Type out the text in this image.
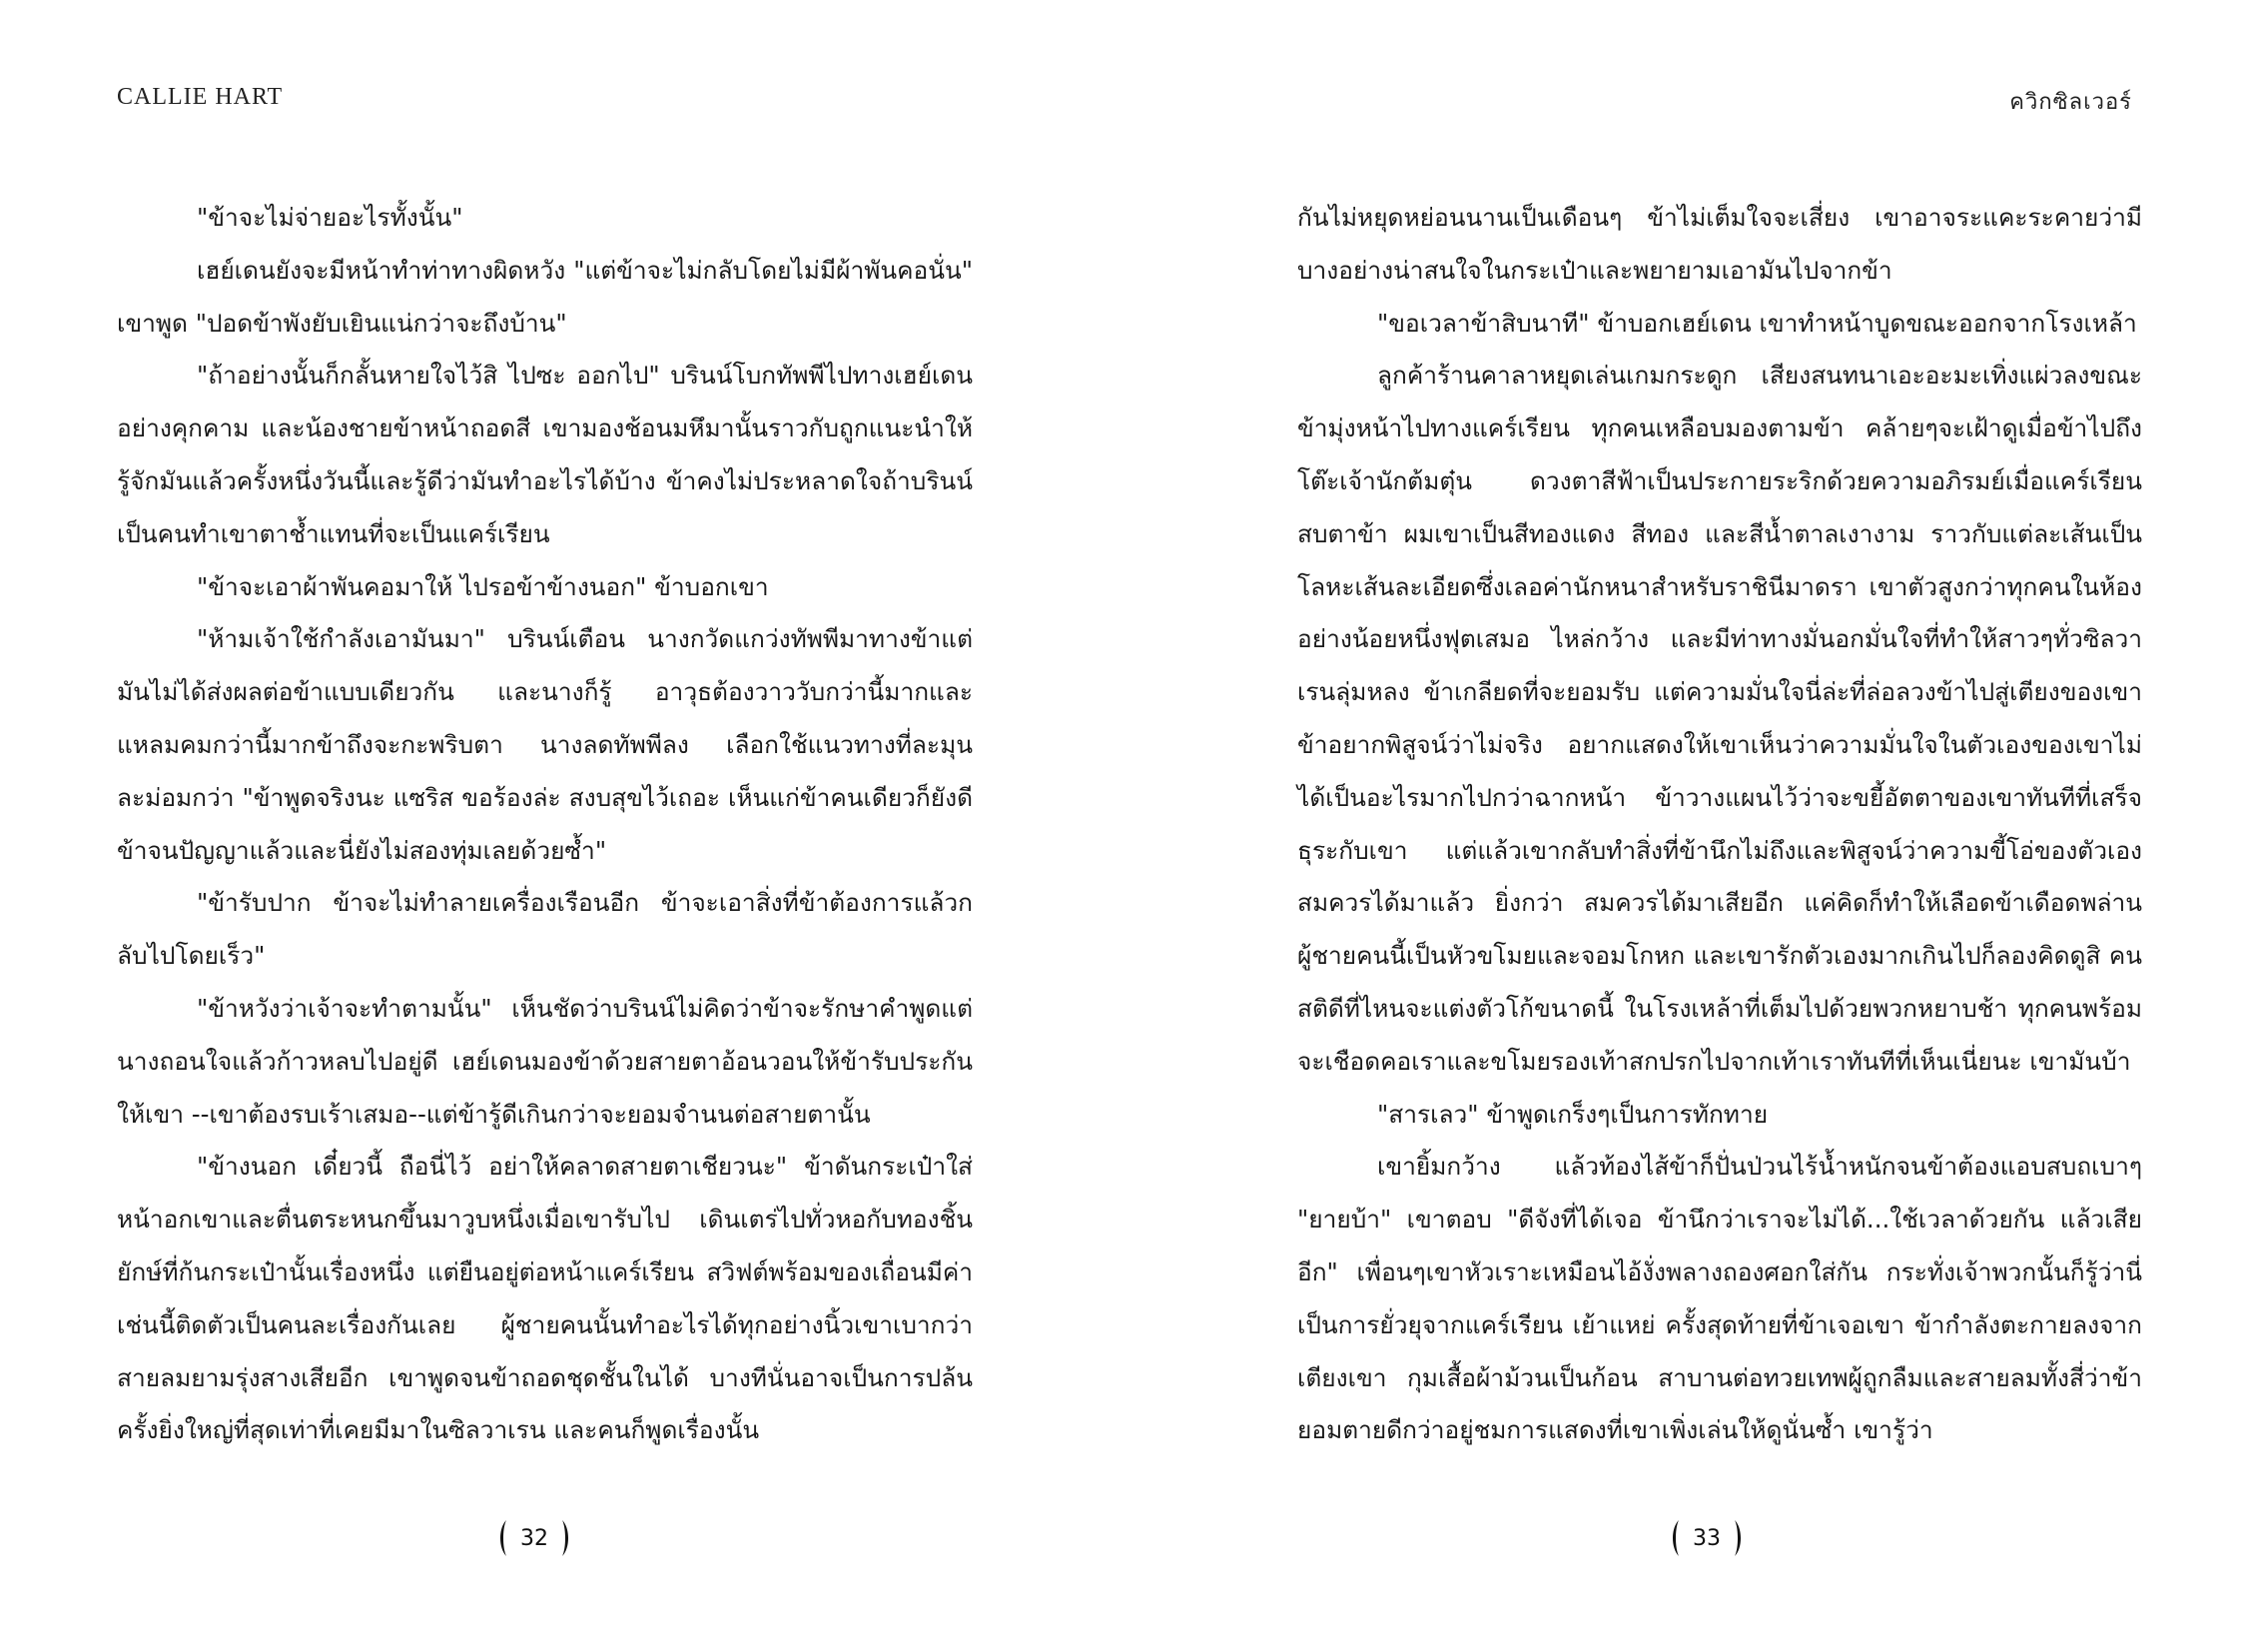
CALLIE HART

"ข้าจะไม่จ่ายอะไรทั้งนั้น"

เฮย์เดนยังจะมีหน้าทำท่าทางผิดหวัง "แต่ข้าจะไม่กลับโดยไม่มีผ้าพันคอนั่น" เขาพูด "ปอดข้าพังยับเยินแน่กว่าจะถึงบ้าน"

"ถ้าอย่างนั้นก็กลั้นหายใจไว้สิ ไปซะ ออกไป" บรินน์โบกทัพพีไปทางเฮย์เดนอย่างคุกคาม และน้องชายข้าหน้าถอดสี เขามองช้อนมหึมานั้นราวกับถูกแนะนำให้รู้จักมันแล้วครั้งหนึ่งวันนี้และรู้ดีว่ามันทำอะไรได้บ้าง ข้าคงไม่ประหลาดใจถ้าบรินน์เป็นคนทำเขาตาช้ำแทนที่จะเป็นแคร์เรียน

"ข้าจะเอาผ้าพันคอมาให้ ไปรอข้าข้างนอก" ข้าบอกเขา

"ห้ามเจ้าใช้กำลังเอามันมา" บรินน์เตือน นางกวัดแกว่งทัพพีมาทางข้าแต่มันไม่ได้ส่งผลต่อข้าแบบเดียวกัน และนางก็รู้ อาวุธต้องวาววับกว่านี้มากและแหลมคมกว่านี้มากข้าถึงจะกะพริบตา นางลดทัพพีลง เลือกใช้แนวทางที่ละมุนละม่อมกว่า "ข้าพูดจริงนะ แซริส ขอร้องล่ะ สงบสุขไว้เถอะ เห็นแก่ข้าคนเดียวก็ยังดี ข้าจนปัญญาแล้วและนี่ยังไม่สองทุ่มเลยด้วยซ้ำ"

"ข้ารับปาก ข้าจะไม่ทำลายเครื่องเรือนอีก ข้าจะเอาสิ่งที่ข้าต้องการแล้วกลับไปโดยเร็ว"

"ข้าหวังว่าเจ้าจะทำตามนั้น" เห็นชัดว่าบรินน์ไม่คิดว่าข้าจะรักษาคำพูดแต่นางถอนใจแล้วก้าวหลบไปอยู่ดี เฮย์เดนมองข้าด้วยสายตาอ้อนวอนให้ข้ารับประกันให้เขา --เขาต้องรบเร้าเสมอ--แต่ข้ารู้ดีเกินกว่าจะยอมจำนนต่อสายตานั้น

"ข้างนอก เดี๋ยวนี้ ถือนี่ไว้ อย่าให้คลาดสายตาเชียวนะ" ข้าดันกระเป๋าใส่หน้าอกเขาและตื่นตระหนกขึ้นมาวูบหนึ่งเมื่อเขารับไป เดินเตร่ไปทั่วหอกับทองชิ้นยักษ์ที่ก้นกระเป๋านั้นเรื่องหนึ่ง แต่ยืนอยู่ต่อหน้าแคร์เรียน สวิฟต์พร้อมของเถื่อนมีค่าเช่นนี้ติดตัวเป็นคนละเรื่องกันเลย ผู้ชายคนนั้นทำอะไรได้ทุกอย่างนิ้วเขาเบากว่าสายลมยามรุ่งสางเสียอีก เขาพูดจนข้าถอดชุดชั้นในได้ บางทีนั่นอาจเป็นการปล้นครั้งยิ่งใหญ่ที่สุดเท่าที่เคยมีมาในซิลวาเรน และคนก็พูดเรื่องนั้น

32
ควิกซิลเวอร์

กันไม่หยุดหย่อนนานเป็นเดือนๆ ข้าไม่เต็มใจจะเสี่ยง เขาอาจระแคะระคายว่ามีบางอย่างน่าสนใจในกระเป๋าและพยายามเอามันไปจากข้า

"ขอเวลาข้าสิบนาที" ข้าบอกเฮย์เดน เขาทำหน้าบูดขณะออกจากโรงเหล้า

ลูกค้าร้านคาลาหยุดเล่นเกมกระดูก เสียงสนทนาเอะอะมะเทิ่งแผ่วลงขณะข้ามุ่งหน้าไปทางแคร์เรียน ทุกคนเหลือบมองตามข้า คล้ายๆจะเฝ้าดูเมื่อข้าไปถึงโต๊ะเจ้านักต้มตุ๋น ดวงตาสีฟ้าเป็นประกายระริกด้วยความอภิรมย์เมื่อแคร์เรียนสบตาข้า ผมเขาเป็นสีทองแดง สีทอง และสีน้ำตาลเงางาม ราวกับแต่ละเส้นเป็นโลหะเส้นละเอียดซึ่งเลอค่านักหนาสำหรับราชินีมาดรา เขาตัวสูงกว่าทุกคนในห้องอย่างน้อยหนึ่งฟุตเสมอ ไหล่กว้าง และมีท่าทางมั่นอกมั่นใจที่ทำให้สาวๆทั่วซิลวาเรนลุ่มหลง ข้าเกลียดที่จะยอมรับ แต่ความมั่นใจนี่ล่ะที่ล่อลวงข้าไปสู่เตียงของเขา ข้าอยากพิสูจน์ว่าไม่จริง อยากแสดงให้เขาเห็นว่าความมั่นใจในตัวเองของเขาไม่ได้เป็นอะไรมากไปกว่าฉากหน้า ข้าวางแผนไว้ว่าจะขยี้อัตตาของเขาทันทีที่เสร็จธุระกับเขา แต่แล้วเขากลับทำสิ่งที่ข้านึกไม่ถึงและพิสูจน์ว่าความขี้โอ่ของตัวเองสมควรได้มาแล้ว ยิ่งกว่า สมควรได้มาเสียอีก แค่คิดก็ทำให้เลือดข้าเดือดพล่าน ผู้ชายคนนี้เป็นหัวขโมยและจอมโกหก และเขารักตัวเองมากเกินไปก็ลองคิดดูสิ คนสติดีที่ไหนจะแต่งตัวโก้ขนาดนี้ ในโรงเหล้าที่เต็มไปด้วยพวกหยาบช้า ทุกคนพร้อมจะเชือดคอเราและขโมยรองเท้าสกปรกไปจากเท้าเราทันทีที่เห็นเนี่ยนะ เขามันบ้า

"สารเลว" ข้าพูดเกร็งๆเป็นการทักทาย

เขายิ้มกว้าง แล้วท้องไส้ข้าก็ปั่นป่วนไร้น้ำหนักจนข้าต้องแอบสบถเบาๆ "ยายบ้า" เขาตอบ "ดีจังที่ได้เจอ ข้านึกว่าเราจะไม่ได้...ใช้เวลาด้วยกัน แล้วเสียอีก" เพื่อนๆเขาหัวเราะเหมือนไอ้งั่งพลางถองศอกใส่กัน กระทั่งเจ้าพวกนั้นก็รู้ว่านี่เป็นการยั่วยุจากแคร์เรียน เย้าแหย่ ครั้งสุดท้ายที่ข้าเจอเขา ข้ากำลังตะกายลงจากเตียงเขา กุมเสื้อผ้าม้วนเป็นก้อน สาบานต่อทวยเทพผู้ถูกลืมและสายลมทั้งสี่ว่าข้ายอมตายดีกว่าอยู่ชมการแสดงที่เขาเพิ่งเล่นให้ดูนั่นซ้ำ เขารู้ว่า

33
